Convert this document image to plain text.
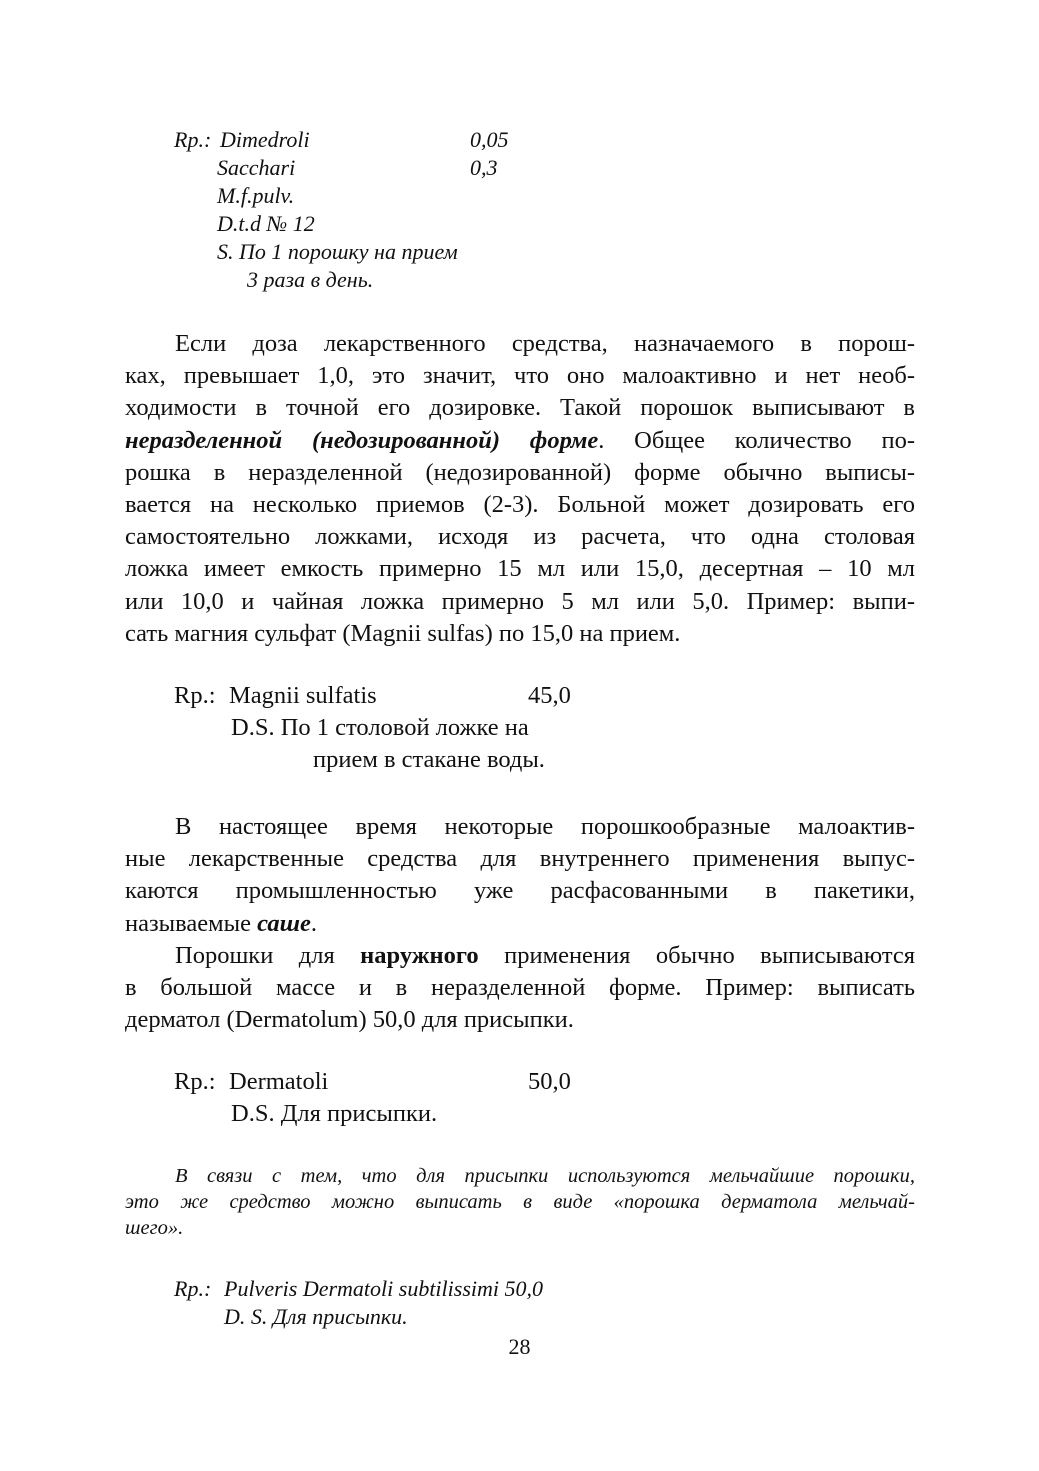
Rp.: Dimedroli	0,05
Sacchari	0,3
M.f.pulv.
D.t.d № 12
S. По 1 порошку на прием
3 раза в день.
Если доза лекарственного средства, назначаемого в порош-
ках, превышает 1,0, это значит, что оно малоактивно и нет необ-
ходимости в точной его дозировке. Такой порошок выписывают в
неразделенной (недозированной) форме. Общее количество по-
рошка в неразделенной (недозированной) форме обычно выписы-
вается на несколько приемов (2-3). Больной может дозировать его
самостоятельно ложками, исходя из расчета, что одна столовая
ложка имеет емкость примерно 15 мл или 15,0, десертная – 10 мл
или 10,0 и чайная ложка примерно 5 мл или 5,0. Пример: выпи-
сать магния сульфат (Magnii sulfas) по 15,0 на прием.
Rp.: Magnii sulfatis	45,0
D.S. По 1 столовой ложке на
прием в стакане воды.
В настоящее время некоторые порошкообразные малоактив-
ные лекарственные средства для внутреннего применения выпус-
каются промышленностью уже расфасованными в пакетики,
называемые саше.
Порошки для наружного применения обычно выписываются
в большой массе и в неразделенной форме. Пример: выписать
дерматол (Dermatolum) 50,0 для присыпки.
Rp.: Dermatoli	50,0
D.S. Для присыпки.
В связи с тем, что для присыпки используются мельчайшие порошки,
это же средство можно выписать в виде «порошка дерматола мельчай-
шего».
Rp.: Pulveris Dermatoli subtilissimi 50,0
D. S. Для присыпки.
28
